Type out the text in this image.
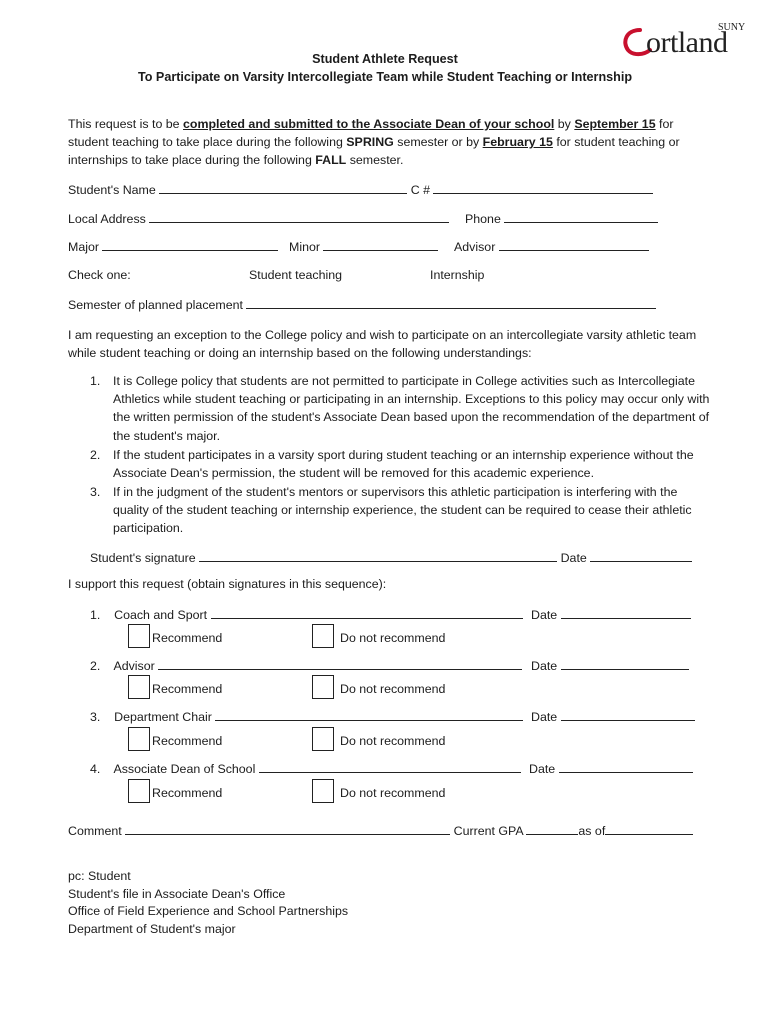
SUNY
ortland
Student Athlete Request
To Participate on Varsity Intercollegiate Team while Student Teaching or Internship
This request is to be completed and submitted to the Associate Dean of your school by September 15 for student teaching to take place during the following SPRING semester or by February 15 for student teaching or internships to take place during the following FALL semester.
Student's Name	C #
Local Address	Phone
Major	Minor	Advisor
Check one:	Student teaching	Internship
Semester of planned placement
I am requesting an exception to the College policy and wish to participate on an intercollegiate varsity athletic team while student teaching or doing an internship based on the following understandings:
1. It is College policy that students are not permitted to participate in College activities such as Intercollegiate Athletics while student teaching or participating in an internship. Exceptions to this policy may occur only with the written permission of the student's Associate Dean based upon the recommendation of the department of the student's major.
2. If the student participates in a varsity sport during student teaching or an internship experience without the Associate Dean's permission, the student will be removed for this academic experience.
3. If in the judgment of the student's mentors or supervisors this athletic participation is interfering with the quality of the student teaching or internship experience, the student can be required to cease their athletic participation.
Student's signature	Date
I support this request (obtain signatures in this sequence):
1. Coach and Sport	Date
Recommend	Do not recommend
2. Advisor	Date
Recommend	Do not recommend
3. Department Chair	Date
Recommend	Do not recommend
4. Associate Dean of School	Date
Recommend	Do not recommend
Comment	Current GPA	as of
pc: Student
Student's file in Associate Dean's Office
Office of Field Experience and School Partnerships
Department of Student's major
